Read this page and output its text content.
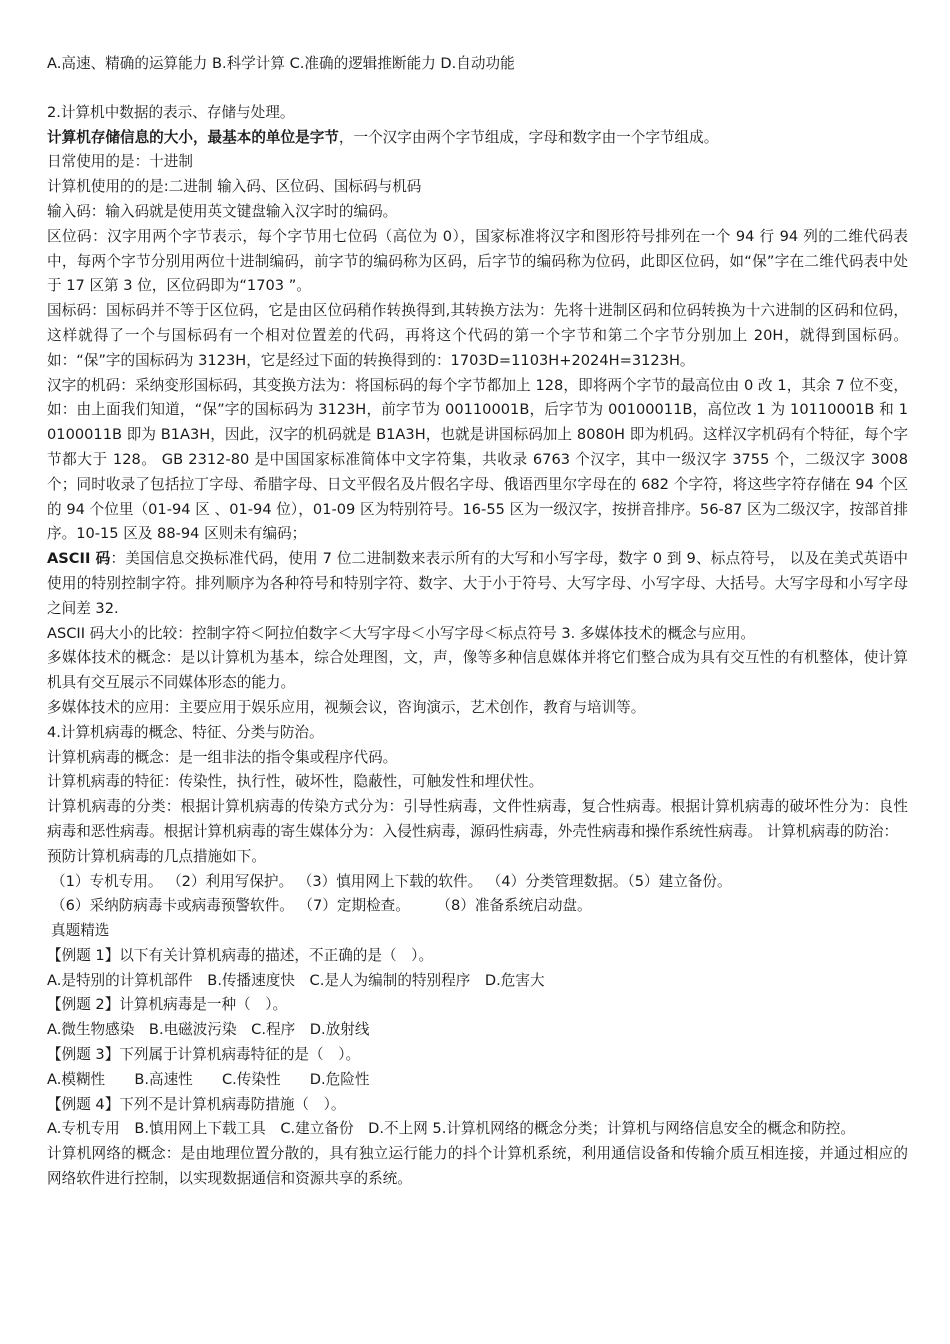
A.高速、精确的运算能力 B.科学计算 C.准确的逻辑推断能力 D.自动功能

2.计算机中数据的表示、存储与处理。

计算机存储信息的大小，最基本的单位是字节，一个汉字由两个字节组成，字母和数字由一个字节组成。

日常使用的是：十进制

计算机使用的的是:二进制 输入码、区位码、国标码与机码

输入码：输入码就是使用英文键盘输入汉字时的编码。

区位码：汉字用两个字节表示，每个字节用七位码（高位为 0），国家标准将汉字和图形符号排列在一个 94 行 94 列的二维代码表中，每两个字节分别用两位十进制编码，前字节的编码称为区码，后字节的编码称为位码，此即区位码，如“保”字在二维代码表中处于 17 区第 3 位，区位码即为“1703 ”。

国标码：国标码并不等于区位码，它是由区位码稍作转换得到,其转换方法为：先将十进制区码和位码转换为十六进制的区码和位码，这样就得了一个与国标码有一个相对位置差的代码，再将这个代码的第一个字节和第二个字节分别加上 20H，就得到国标码。如：“保”字的国标码为 3123H，它是经过下面的转换得到的：1703D=1103H+2024H=3123H。

汉字的机码：采纳变形国标码，其变换方法为：将国标码的每个字节都加上 128，即将两个字节的最高位由 0 改 1，其余 7 位不变，如：由上面我们知道，“保”字的国标码为 3123H，前字节为 00110001B，后字节为 00100011B，高位改 1 为 10110001B 和 10100011B 即为 B1A3H，因此，汉字的机码就是 B1A3H，也就是讲国标码加上 8080H 即为机码。这样汉字机码有个特征，每个字节都大于 128。 GB 2312-80 是中国国家标准简体中文字符集，共收录 6763 个汉字，其中一级汉字 3755 个，二级汉字 3008 个；同时收录了包括拉丁字母、希腊字母、日文平假名及片假名字母、俄语西里尔字母在的 682 个字符，将这些字符存储在 94 个区的 94 个位里（01-94 区 、01-94 位），01-09 区为特别符号。16-55 区为一级汉字，按拼音排序。56-87 区为二级汉字，按部首排序。10-15 区及 88-94 区则未有编码；

ASCII 码：美国信息交换标准代码，使用 7 位二进制数来表示所有的大写和小写字母，数字 0 到 9、标点符号， 以及在美式英语中使用的特别控制字符。排列顺序为各种符号和特别字符、数字、大于小于符号、大写字母、小写字母、大括号。大写字母和小写字母之间差 32.

ASCII 码大小的比较：控制字符＜阿拉伯数字＜大写字母＜小写字母＜标点符号 3. 多媒体技术的概念与应用。

多媒体技术的概念：是以计算机为基本，综合处理图，文，声，像等多种信息媒体并将它们整合成为具有交互性的有机整体，使计算机具有交互展示不同媒体形态的能力。

多媒体技术的应用：主要应用于娱乐应用，视频会议，咨询演示，艺术创作，教育与培训等。

4.计算机病毒的概念、特征、分类与防治。

计算机病毒的概念：是一组非法的指令集或程序代码。

计算机病毒的特征：传染性，执行性，破坏性，隐蔽性，可触发性和埋伏性。

计算机病毒的分类：根据计算机病毒的传染方式分为：引导性病毒，文件性病毒，复合性病毒。根据计算机病毒的破坏性分为：良性病毒和恶性病毒。根据计算机病毒的寄生媒体分为：入侵性病毒，源码性病毒，外壳性病毒和操作系统性病毒。 计算机病毒的防治：

预防计算机病毒的几点措施如下。

（1）专机专用。 （2）利用写保护。 （3）慎用网上下载的软件。 （4）分类管理数据。（5）建立备份。

（6）采纳防病毒卡或病毒预警软件。 （7）定期检查。 　　（8）准备系统启动盘。

真题精选

【例题 1】以下有关计算机病毒的描述，不正确的是（　）。

A.是特别的计算机部件　B.传播速度快　C.是人为编制的特别程序　D.危害大

【例题 2】计算机病毒是一种（　）。

A.微生物感染　B.电磁波污染　C.程序　D.放射线

【例题 3】下列属于计算机病毒特征的是（　）。

A.模糊性　　B.高速性　　C.传染性　　D.危险性

【例题 4】下列不是计算机病毒防措施（　）。

A.专机专用　B.慎用网上下载工具　C.建立备份　D.不上网 5.计算机网络的概念分类；计算机与网络信息安全的概念和防控。

计算机网络的概念：是由地理位置分散的，具有独立运行能力的抖个计算机系统，利用通信设备和传输介质互相连接，并通过相应的网络软件进行控制，以实现数据通信和资源共享的系统。
